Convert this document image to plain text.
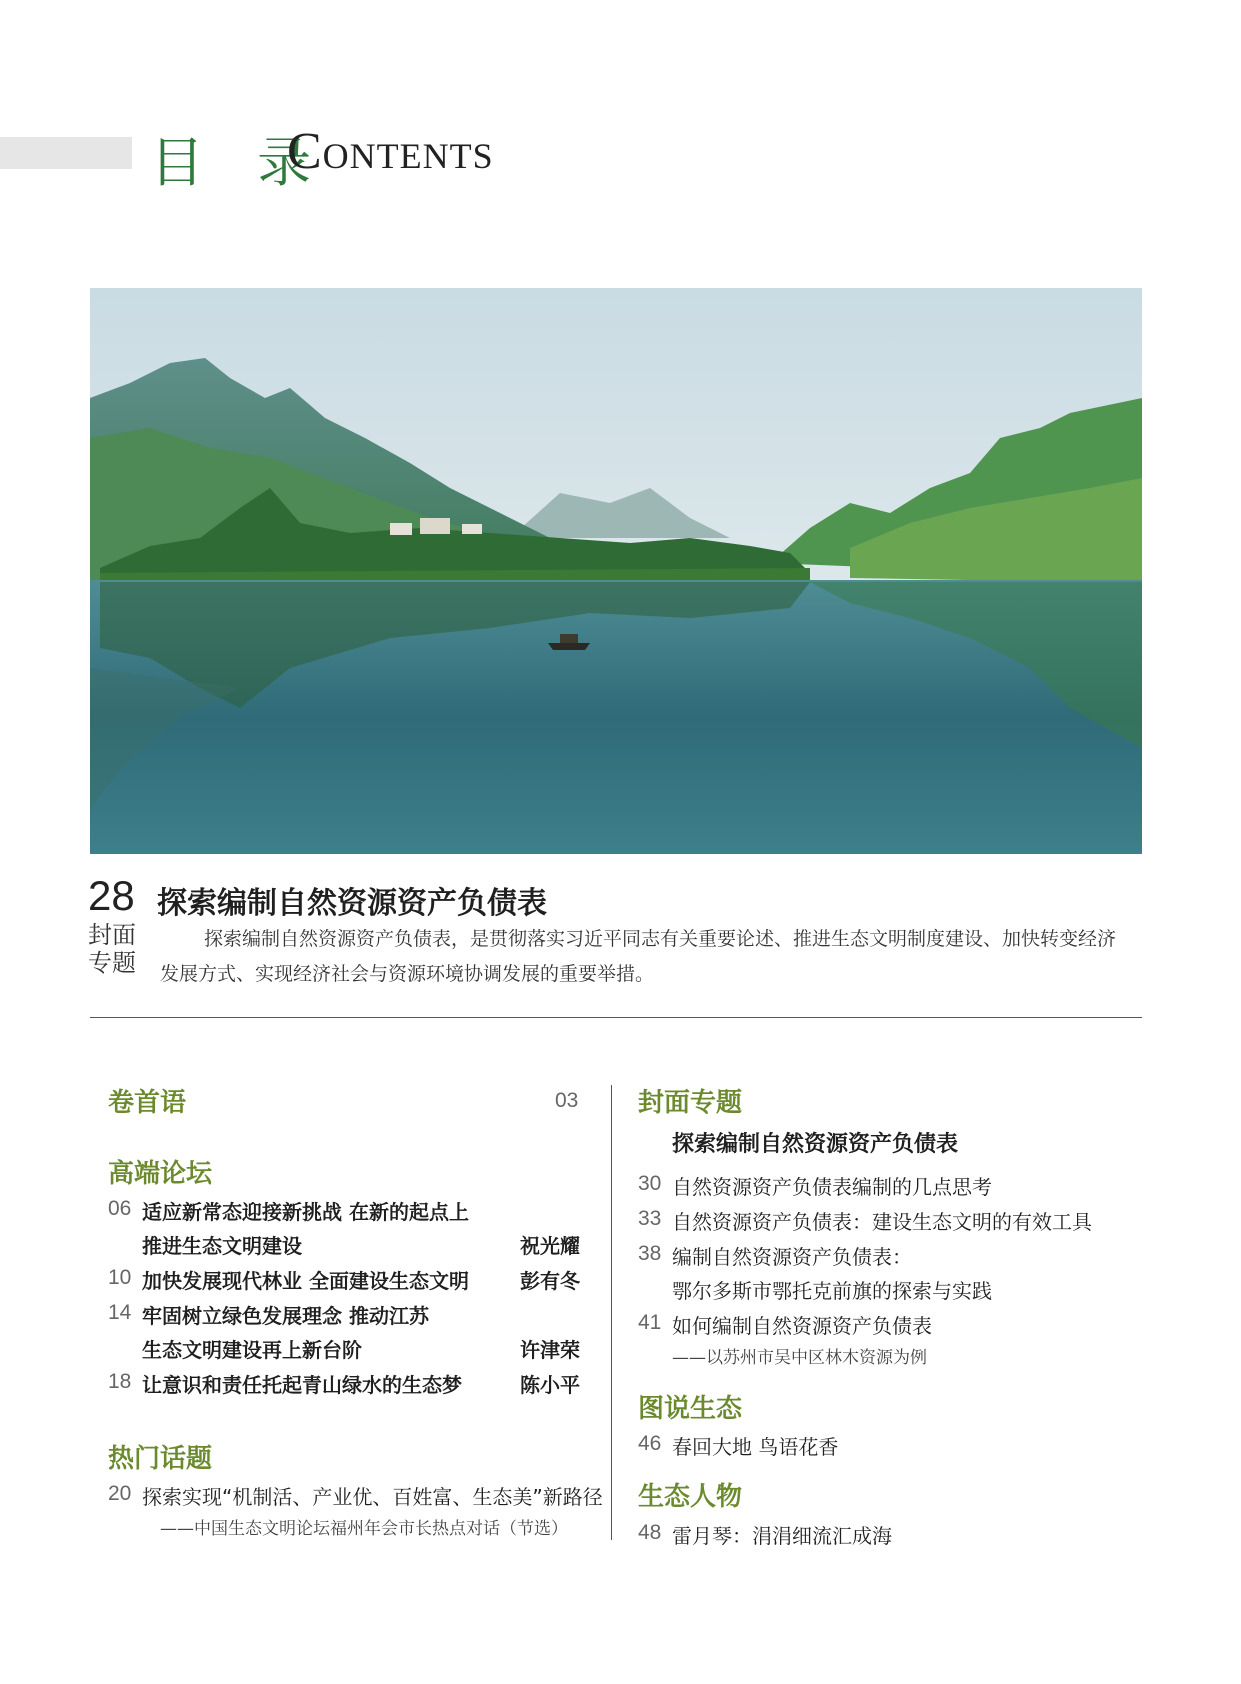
目 录
Contents
28 探索编制自然资源资产负债表
封面
专题
探索编制自然资源资产负债表，是贯彻落实习近平同志有关重要论述、推进生态文明制度建设、加快转变经济发展方式、实现经济社会与资源环境协调发展的重要举措。
卷首语	03
高端论坛
06 适应新常态迎接新挑战 在新的起点上
推进生态文明建设	祝光耀
10 加快发展现代林业 全面建设生态文明	彭有冬
14 牢固树立绿色发展理念 推动江苏
生态文明建设再上新台阶	许津荣
18 让意识和责任托起青山绿水的生态梦	陈小平
热门话题
20 探索实现“机制活、产业优、百姓富、生态美”新路径
——中国生态文明论坛福州年会市长热点对话（节选）
封面专题
探索编制自然资源资产负债表
30 自然资源资产负债表编制的几点思考
33 自然资源资产负债表：建设生态文明的有效工具
38 编制自然资源资产负债表：
鄂尔多斯市鄂托克前旗的探索与实践
41 如何编制自然资源资产负债表
——以苏州市吴中区林木资源为例
图说生态
46 春回大地 鸟语花香
生态人物
48 雷月琴：涓涓细流汇成海
